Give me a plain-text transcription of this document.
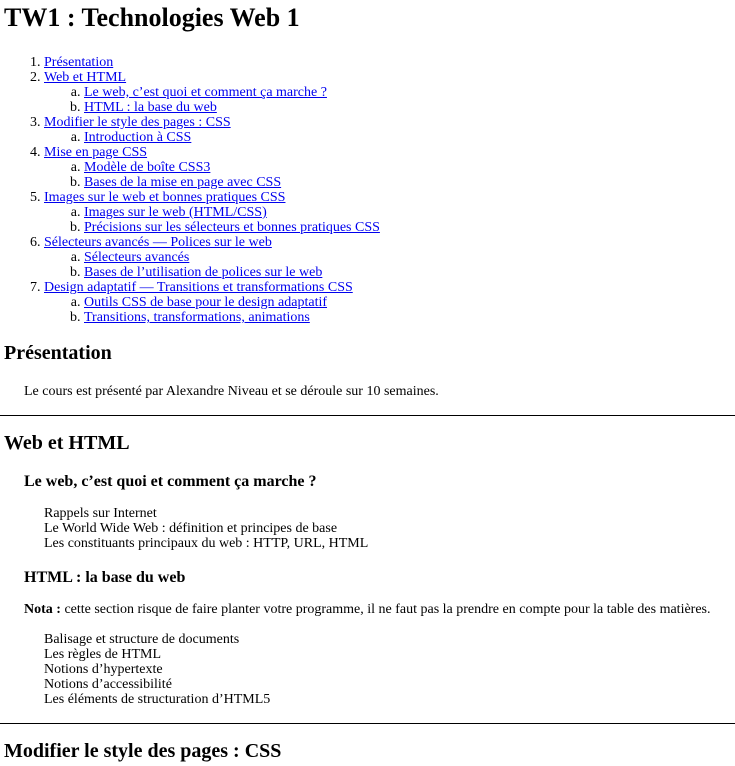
TW1 : Technologies Web 1
1. Présentation
2. Web et HTML
a. Le web, c’est quoi et comment ça marche ?
b. HTML : la base du web
3. Modifier le style des pages : CSS
a. Introduction à CSS
4. Mise en page CSS
a. Modèle de boîte CSS3
b. Bases de la mise en page avec CSS
5. Images sur le web et bonnes pratiques CSS
a. Images sur le web (HTML/CSS)
b. Précisions sur les sélecteurs et bonnes pratiques CSS
6. Sélecteurs avancés — Polices sur le web
a. Sélecteurs avancés
b. Bases de l’utilisation de polices sur le web
7. Design adaptatif — Transitions et transformations CSS
a. Outils CSS de base pour le design adaptatif
b. Transitions, transformations, animations
Présentation

Le cours est présenté par Alexandre Niveau et se déroule sur 10 semaines.

Web et HTML
Le web, c’est quoi et comment ça marche ?
Rappels sur Internet
Le World Wide Web : définition et principes de base
Les constituants principaux du web : HTTP, URL, HTML
HTML : la base du web

Nota : cette section risque de faire planter votre programme, il ne faut pas la prendre en compte pour la table des matières.

Balisage et structure de documents
Les règles de HTML
Notions d’hypertexte
Notions d’accessibilité
Les éléments de structuration d’HTML5
Modifier le style des pages : CSS
